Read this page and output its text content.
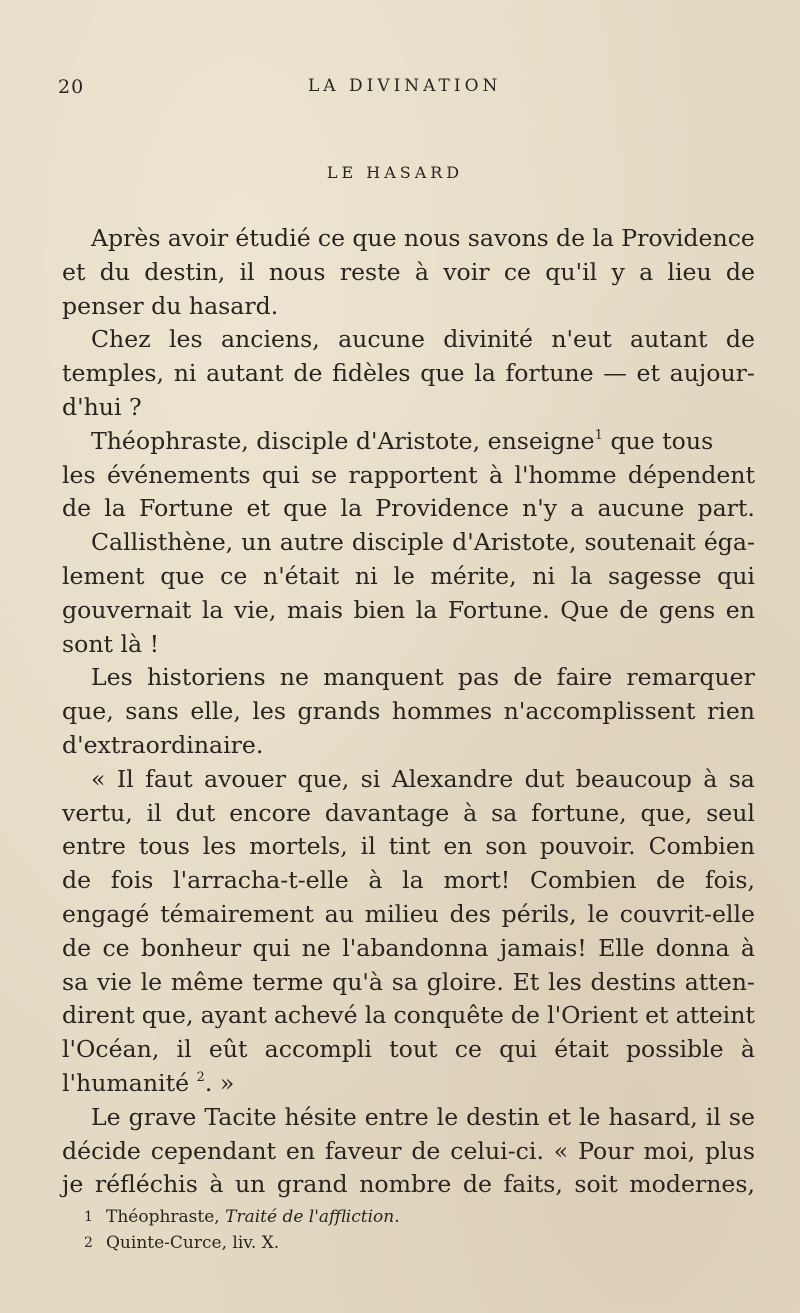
20	LA DIVINATION
LE HASARD
Après avoir étudié ce que nous savons de la Providence
et du destin, il nous reste à voir ce qu'il y a lieu de
penser du hasard.
Chez les anciens, aucune divinité n'eut autant de
temples, ni autant de fidèles que la fortune — et aujour-
d'hui ?
Théophraste, disciple d'Aristote, enseigne$^1$ que tous
les événements qui se rapportent à l'homme dépendent
de la Fortune et que la Providence n'y a aucune part.
Callisthène, un autre disciple d'Aristote, soutenait éga-
lement que ce n'était ni le mérite, ni la sagesse qui
gouvernait la vie, mais bien la Fortune. Que de gens en
sont là !
Les historiens ne manquent pas de faire remarquer
que, sans elle, les grands hommes n'accomplissent rien
d'extraordinaire.
« Il faut avouer que, si Alexandre dut beaucoup à sa
vertu, il dut encore davantage à sa fortune, que, seul
entre tous les mortels, il tint en son pouvoir. Combien
de fois l'arracha-t-elle à la mort! Combien de fois,
engagé témairement au milieu des périls, le couvrit-elle
de ce bonheur qui ne l'abandonna jamais! Elle donna à
sa vie le même terme qu'à sa gloire. Et les destins atten-
dirent que, ayant achevé la conquête de l'Orient et atteint
l'Océan, il eût accompli tout ce qui était possible à
l'humanité $^2$. »
Le grave Tacite hésite entre le destin et le hasard, il se
décide cependant en faveur de celui-ci. « Pour moi, plus
je réfléchis à un grand nombre de faits, soit modernes,
1 Théophraste, Traité de l'affliction.
2 Quinte-Curce, liv. X.
